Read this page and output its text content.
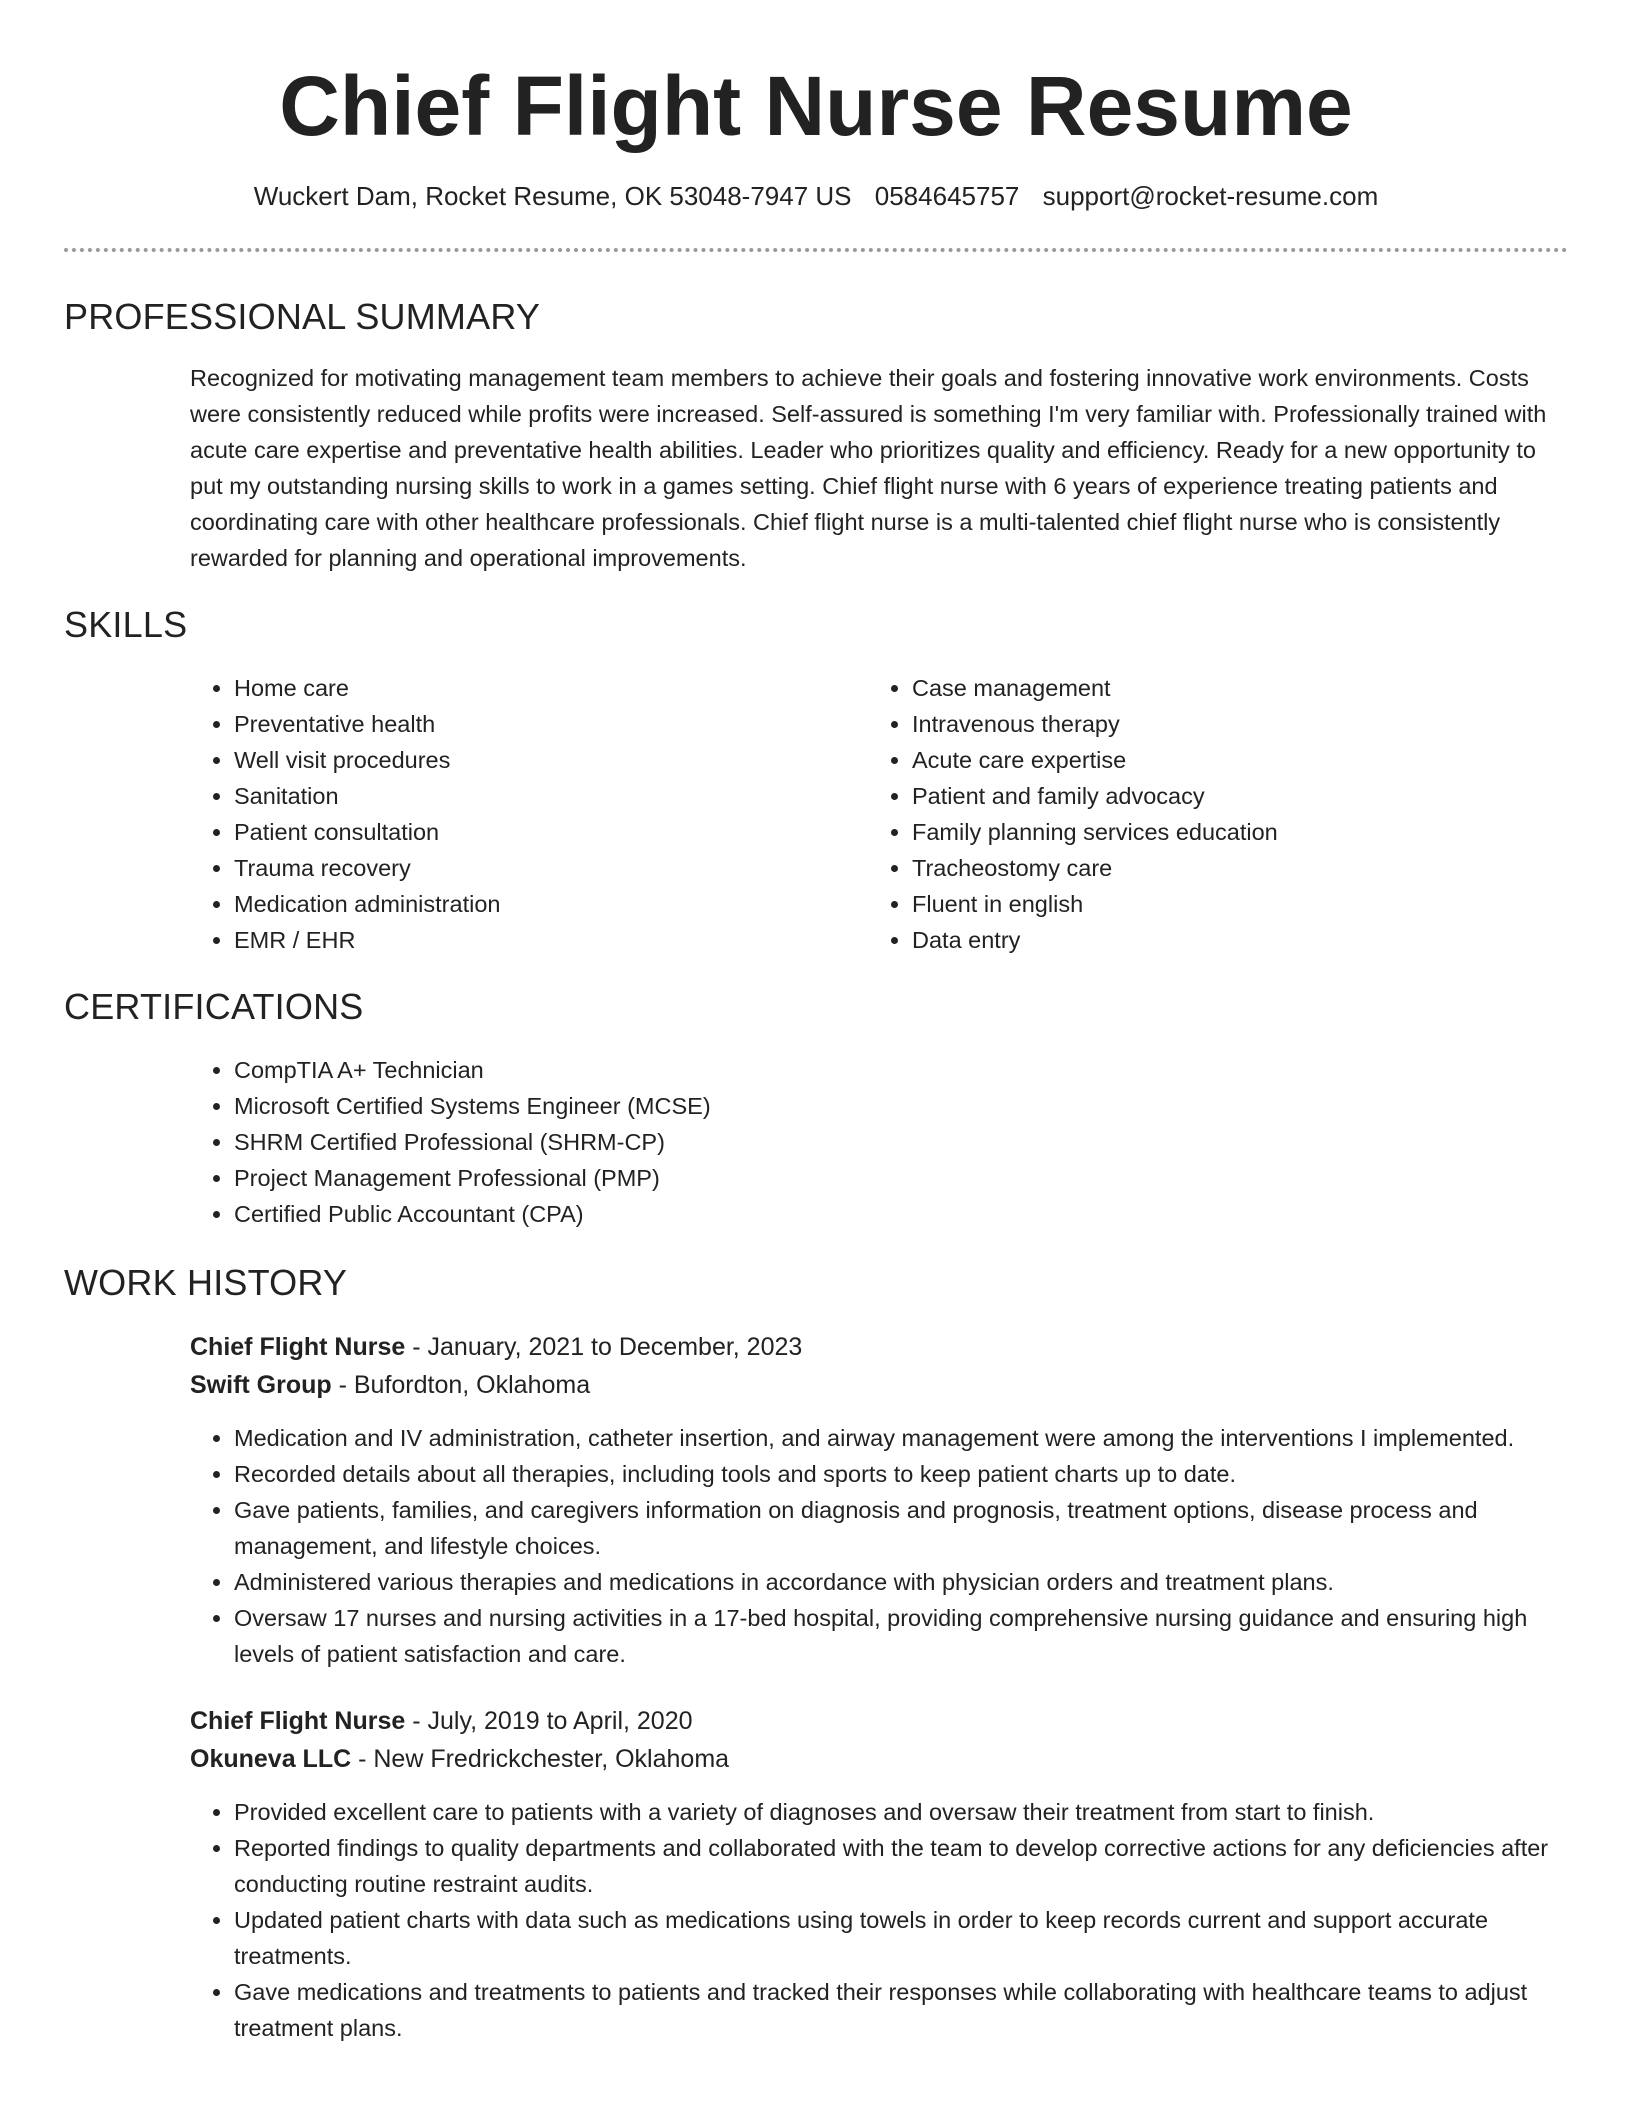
Chief Flight Nurse Resume
Wuckert Dam, Rocket Resume, OK 53048-7947 US 0584645757 support@rocket-resume.com
PROFESSIONAL SUMMARY
Recognized for motivating management team members to achieve their goals and fostering innovative work environments. Costs were consistently reduced while profits were increased. Self-assured is something I'm very familiar with. Professionally trained with acute care expertise and preventative health abilities. Leader who prioritizes quality and efficiency. Ready for a new opportunity to put my outstanding nursing skills to work in a games setting. Chief flight nurse with 6 years of experience treating patients and coordinating care with other healthcare professionals. Chief flight nurse is a multi-talented chief flight nurse who is consistently rewarded for planning and operational improvements.
SKILLS
• Home care
• Preventative health
• Well visit procedures
• Sanitation
• Patient consultation
• Trauma recovery
• Medication administration
• EMR / EHR
• Case management
• Intravenous therapy
• Acute care expertise
• Patient and family advocacy
• Family planning services education
• Tracheostomy care
• Fluent in english
• Data entry
CERTIFICATIONS
• CompTIA A+ Technician
• Microsoft Certified Systems Engineer (MCSE)
• SHRM Certified Professional (SHRM-CP)
• Project Management Professional (PMP)
• Certified Public Accountant (CPA)
WORK HISTORY
Chief Flight Nurse - January, 2021 to December, 2023
Swift Group - Bufordton, Oklahoma
• Medication and IV administration, catheter insertion, and airway management were among the interventions I implemented.
• Recorded details about all therapies, including tools and sports to keep patient charts up to date.
• Gave patients, families, and caregivers information on diagnosis and prognosis, treatment options, disease process and management, and lifestyle choices.
• Administered various therapies and medications in accordance with physician orders and treatment plans.
• Oversaw 17 nurses and nursing activities in a 17-bed hospital, providing comprehensive nursing guidance and ensuring high levels of patient satisfaction and care.
Chief Flight Nurse - July, 2019 to April, 2020
Okuneva LLC - New Fredrickchester, Oklahoma
• Provided excellent care to patients with a variety of diagnoses and oversaw their treatment from start to finish.
• Reported findings to quality departments and collaborated with the team to develop corrective actions for any deficiencies after conducting routine restraint audits.
• Updated patient charts with data such as medications using towels in order to keep records current and support accurate treatments.
• Gave medications and treatments to patients and tracked their responses while collaborating with healthcare teams to adjust treatment plans.
